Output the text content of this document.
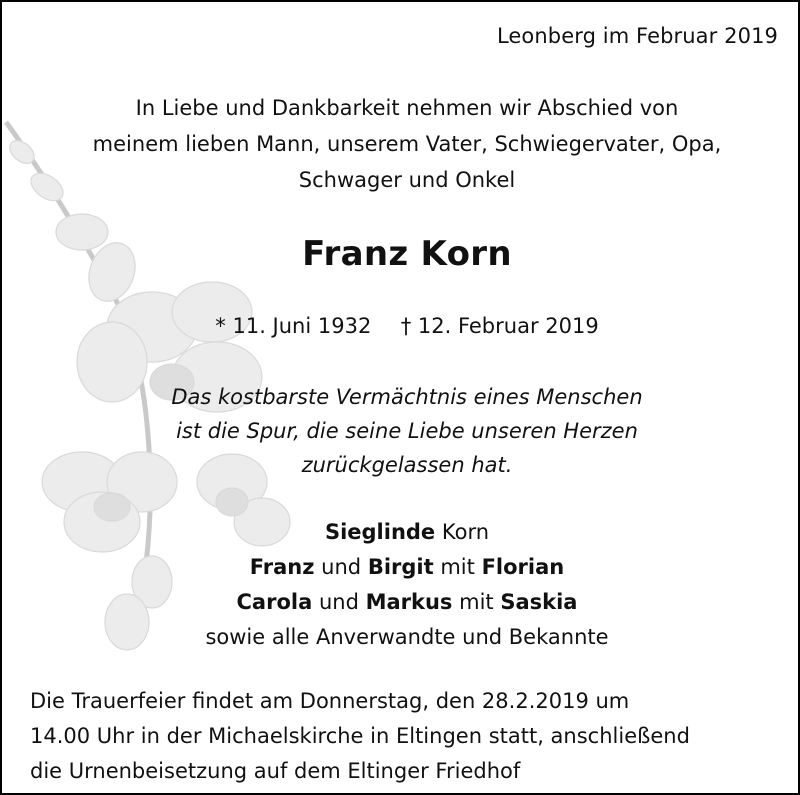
Leonberg im Februar 2019
In Liebe und Dankbarkeit nehmen wir Abschied von
meinem lieben Mann, unserem Vater, Schwiegervater, Opa,
Schwager und Onkel
Franz Korn
* 11. Juni 1932 † 12. Februar 2019
Das kostbarste Vermächtnis eines Menschen
ist die Spur, die seine Liebe unseren Herzen
zurückgelassen hat.
Sieglinde Korn
Franz und Birgit mit Florian
Carola und Markus mit Saskia
sowie alle Anverwandte und Bekannte
Die Trauerfeier findet am Donnerstag, den 28.2.2019 um
14.00 Uhr in der Michaelskirche in Eltingen statt, anschließend
die Urnenbeisetzung auf dem Eltinger Friedhof
